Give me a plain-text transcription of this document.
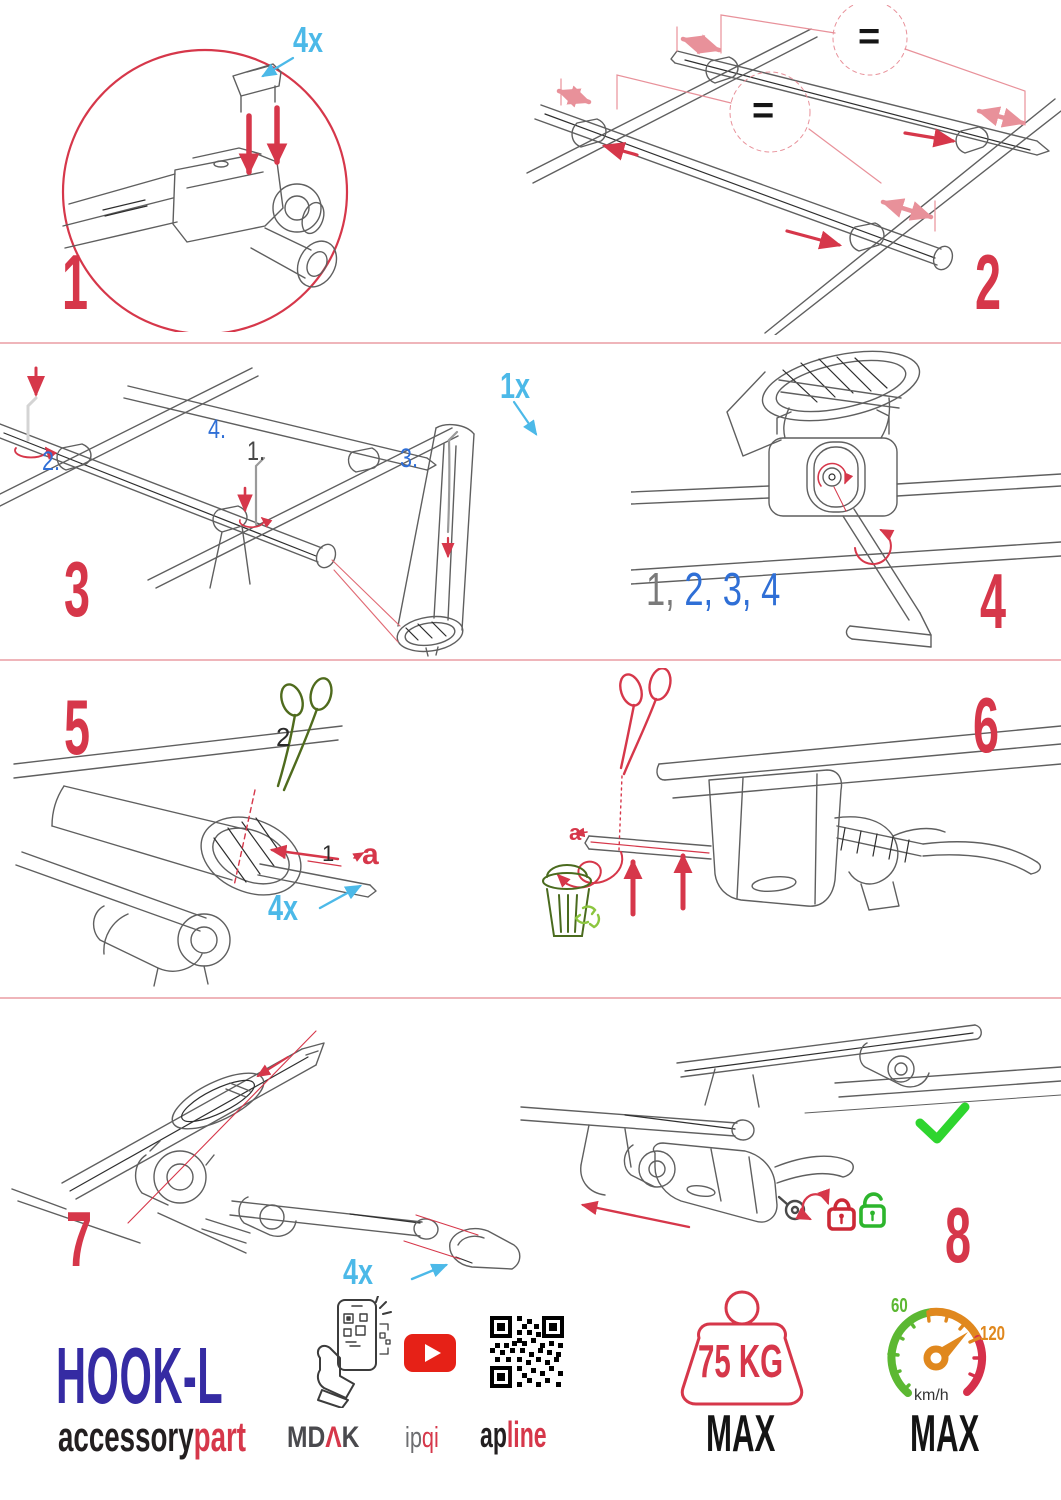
4x
1
=
=
2
2.
4.
1.	3.
1x
3	1, 2, 3, 4	4
2
1 a
4x
5
a
6
4x
7	8
HOOK-L
accessorypart MDΛK ipqi apline
75 KG
MAX
60
120
km/h
MAX
